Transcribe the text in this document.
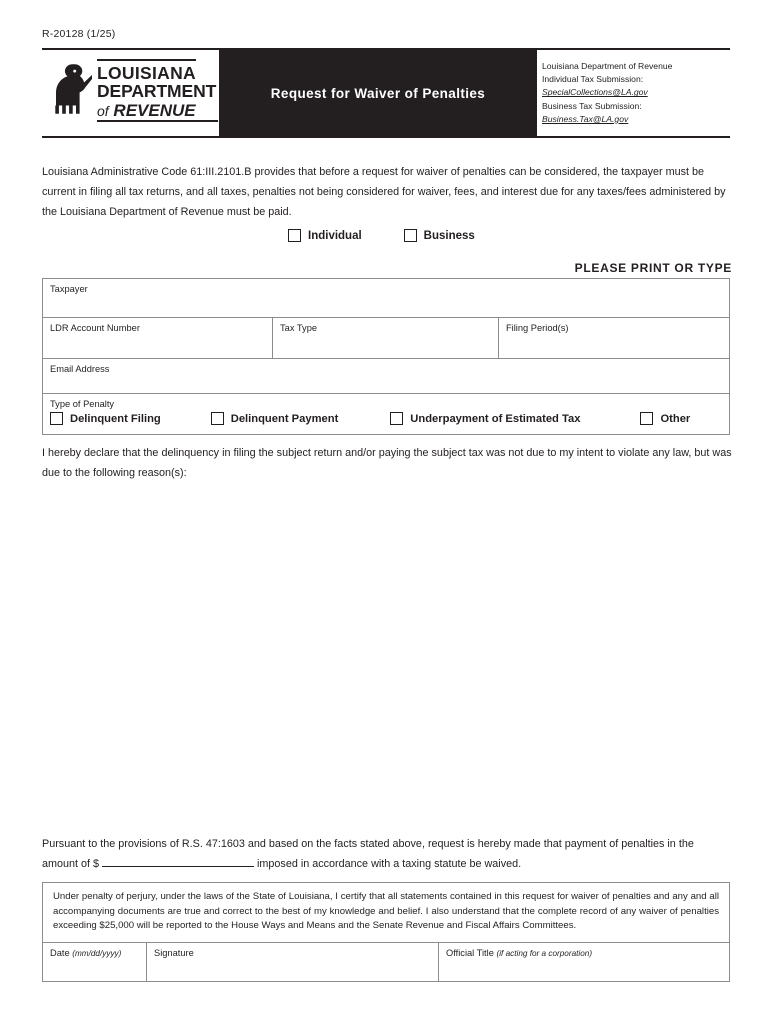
R-20128 (1/25)
LOUISIANA DEPARTMENT
of REVENUE
Request for Waiver of Penalties
Louisiana Department of Revenue
Individual Tax Submission: SpecialCollections@LA.gov
Business Tax Submission: Business.Tax@LA.gov
Louisiana Administrative Code 61:III.2101.B provides that before a request for waiver of penalties can be considered, the taxpayer must be current in filing all tax returns, and all taxes, penalties not being considered for waiver, fees, and interest due for any taxes/fees administered by the Louisiana Department of Revenue must be paid.
Individual	Business
PLEASE PRINT OR TYPE
Taxpayer
LDR Account Number	Tax Type	Filing Period(s)
Email Address
Type of Penalty
Delinquent Filing	Delinquent Payment	Underpayment of Estimated Tax	Other
I hereby declare that the delinquency in filing the subject return and/or paying the subject tax was not due to my intent to violate any law, but was due to the following reason(s):
Pursuant to the provisions of R.S. 47:1603 and based on the facts stated above, request is hereby made that payment of penalties in the amount of $	imposed in accordance with a taxing statute be waived.
Under penalty of perjury, under the laws of the State of Louisiana, I certify that all statements contained in this request for waiver of penalties and any and all accompanying documents are true and correct to the best of my knowledge and belief. I also understand that the complete record of any waiver of penalties exceeding $25,000 will be reported to the House Ways and Means and the Senate Revenue and Fiscal Affairs Committees.
Date (mm/dd/yyyy)	Signature	Official Title (if acting for a corporation)
